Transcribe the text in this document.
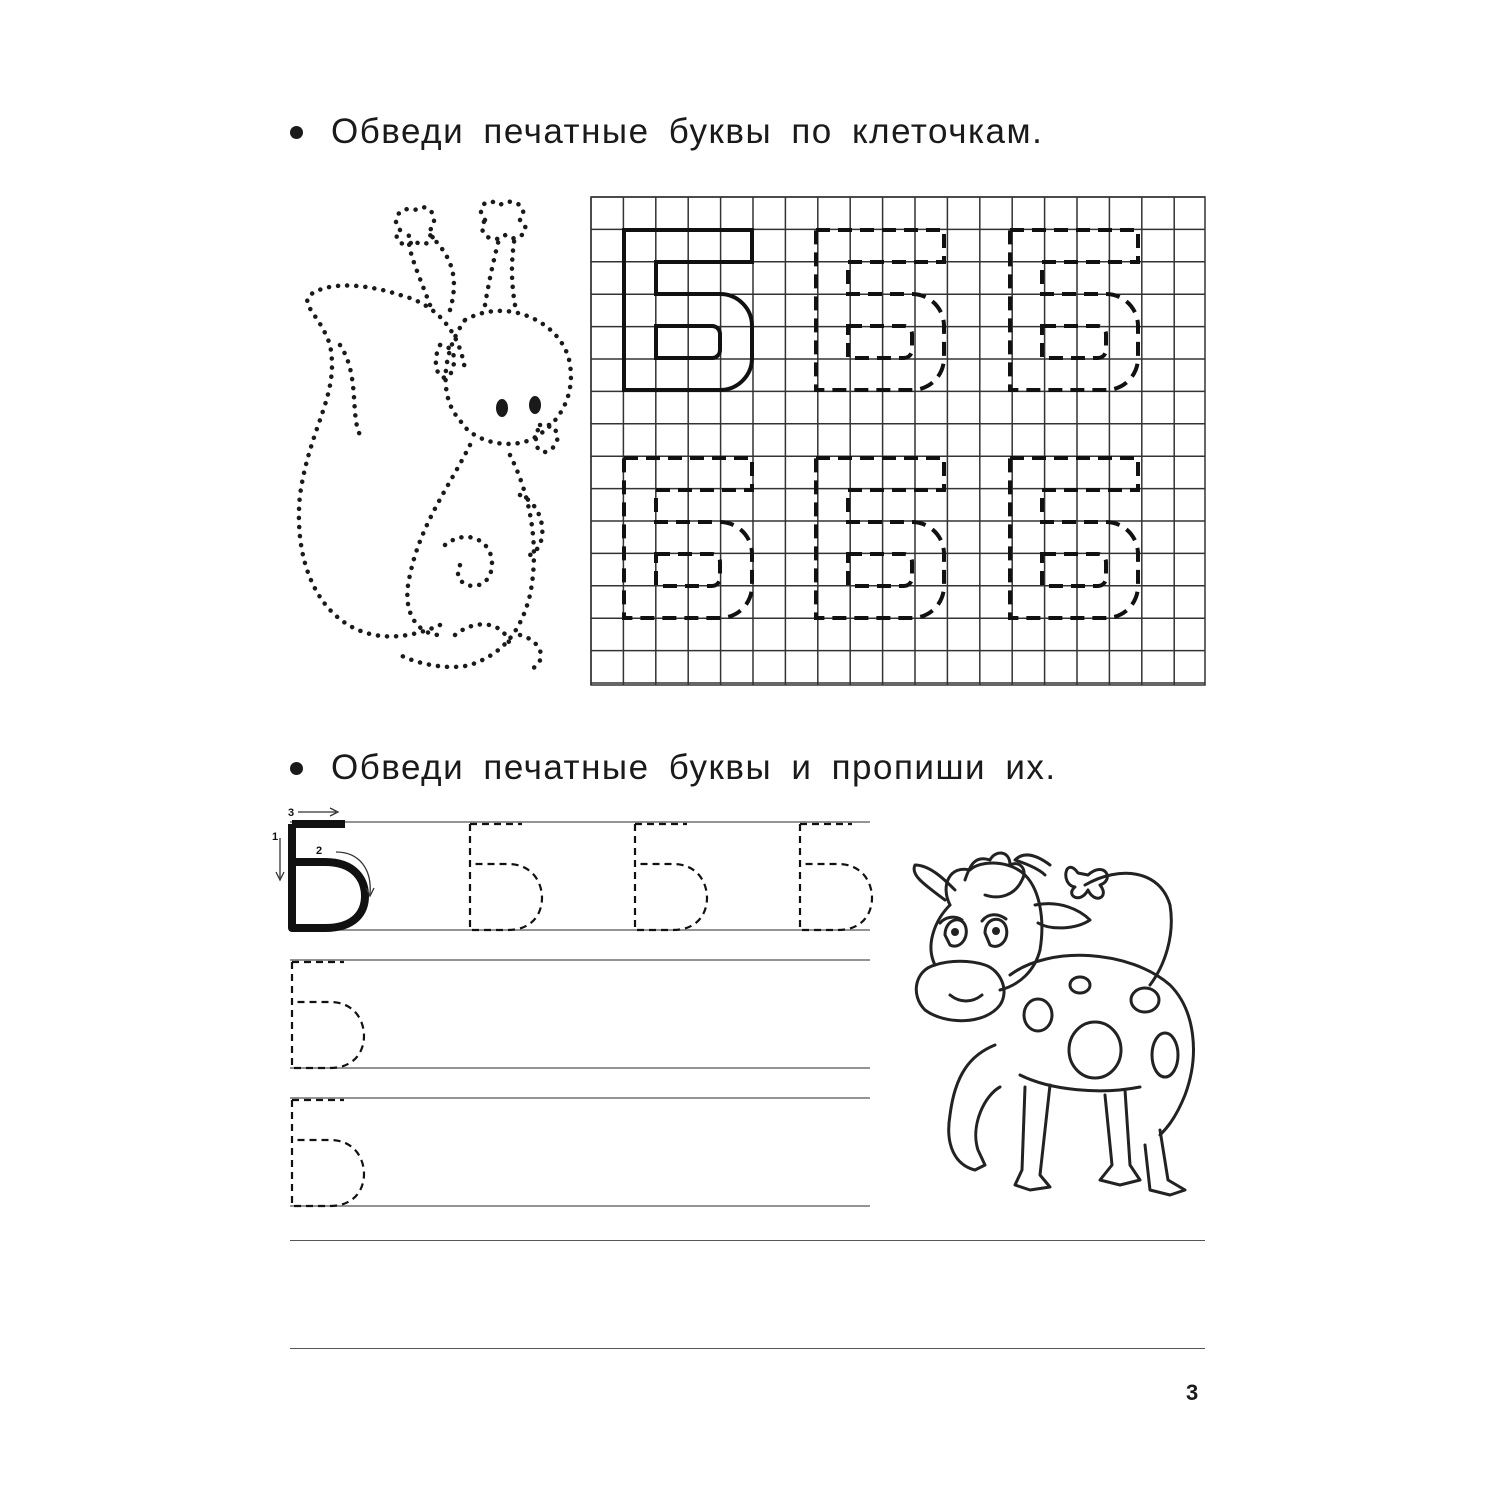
Обведи печатные буквы по клеточкам.
Обведи печатные буквы и пропиши их.
1
2
3
3
